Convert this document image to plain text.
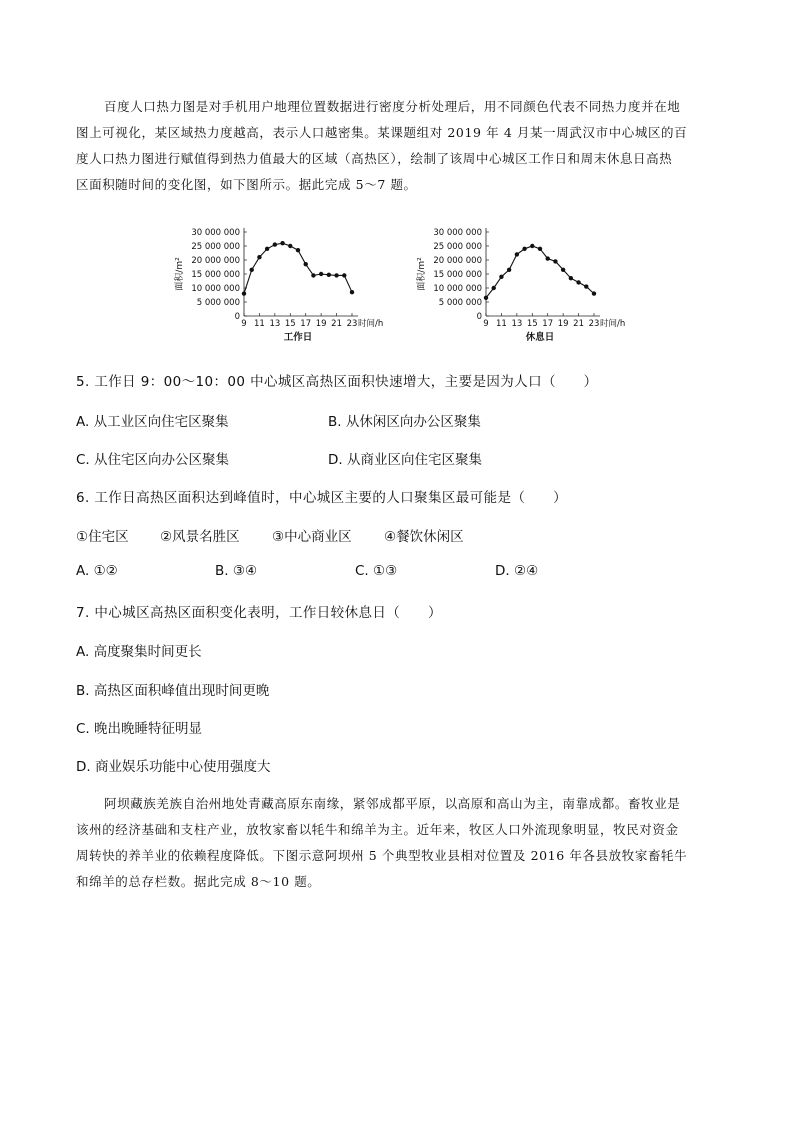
百度人口热力图是对手机用户地理位置数据进行密度分析处理后，用不同颜色代表不同热力度并在地
图上可视化，某区域热力度越高，表示人口越密集。某课题组对 2019 年 4 月某一周武汉市中心城区的百
度人口热力图进行赋值得到热力值最大的区域（高热区），绘制了该周中心城区工作日和周末休息日高热
区面积随时间的变化图，如下图所示。据此完成 5～7 题。
0
5 000 000
10 000 000
15 000 000
20 000 000
25 000 000
30 000 000
9 11 13 15 17 19 21 23 时间/h
面积/m²
工作日
0
5 000 000
10 000 000
15 000 000
20 000 000
25 000 000
30 000 000
9 11 13 15 17 19 21 23 时间/h
面积/m²
休息日
5. 工作日 9：00～10：00 中心城区高热区面积快速增大，主要是因为人口（　　）
A. 从工业区向住宅区聚集	B. 从休闲区向办公区聚集
C. 从住宅区向办公区聚集	D. 从商业区向住宅区聚集
6. 工作日高热区面积达到峰值时，中心城区主要的人口聚集区最可能是（　　）
①住宅区 ②风景名胜区 ③中心商业区 ④餐饮休闲区
A. ①②	B. ③④	C. ①③	D. ②④
7. 中心城区高热区面积变化表明，工作日较休息日（　　）
A. 高度聚集时间更长
B. 高热区面积峰值出现时间更晚
C. 晚出晚睡特征明显
D. 商业娱乐功能中心使用强度大
阿坝藏族羌族自治州地处青藏高原东南缘，紧邻成都平原，以高原和高山为主，南靠成都。畜牧业是
该州的经济基础和支柱产业，放牧家畜以牦牛和绵羊为主。近年来，牧区人口外流现象明显，牧民对资金
周转快的养羊业的依赖程度降低。下图示意阿坝州 5 个典型牧业县相对位置及 2016 年各县放牧家畜牦牛
和绵羊的总存栏数。据此完成 8～10 题。
